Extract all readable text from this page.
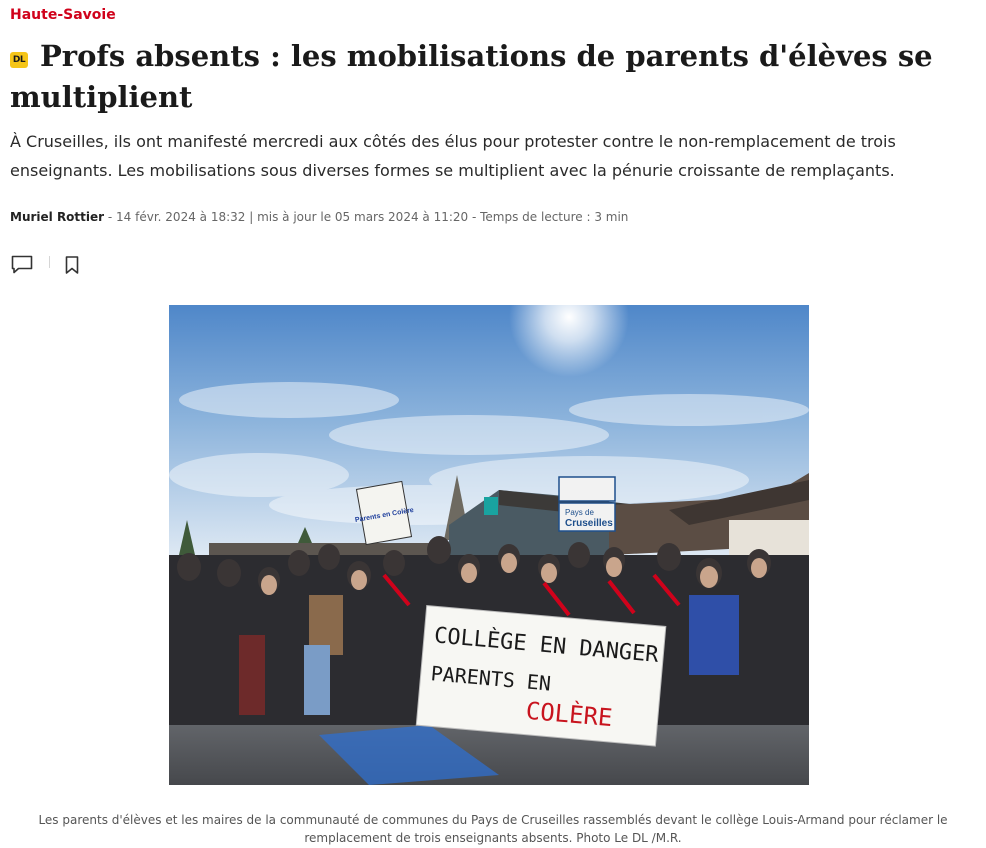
Haute-Savoie
DL Profs absents : les mobilisations de parents d'élèves se multiplient

À Cruseilles, ils ont manifesté mercredi aux côtés des élus pour protester contre le non-remplacement de trois enseignants. Les mobilisations sous diverses formes se multiplient avec la pénurie croissante de remplaçants.

Muriel Rottier - 14 févr. 2024 à 18:32 | mis à jour le 05 mars 2024 à 11:20 - Temps de lecture : 3 min
Pays de
Cruseilles
Parents en Colère
COLLÈGE EN DANGER
PARENTS EN
COLÈRE

Les parents d'élèves et les maires de la communauté de communes du Pays de Cruseilles rassemblés devant le collège Louis-Armand pour réclamer le remplacement de trois enseignants absents. Photo Le DL /M.R.
